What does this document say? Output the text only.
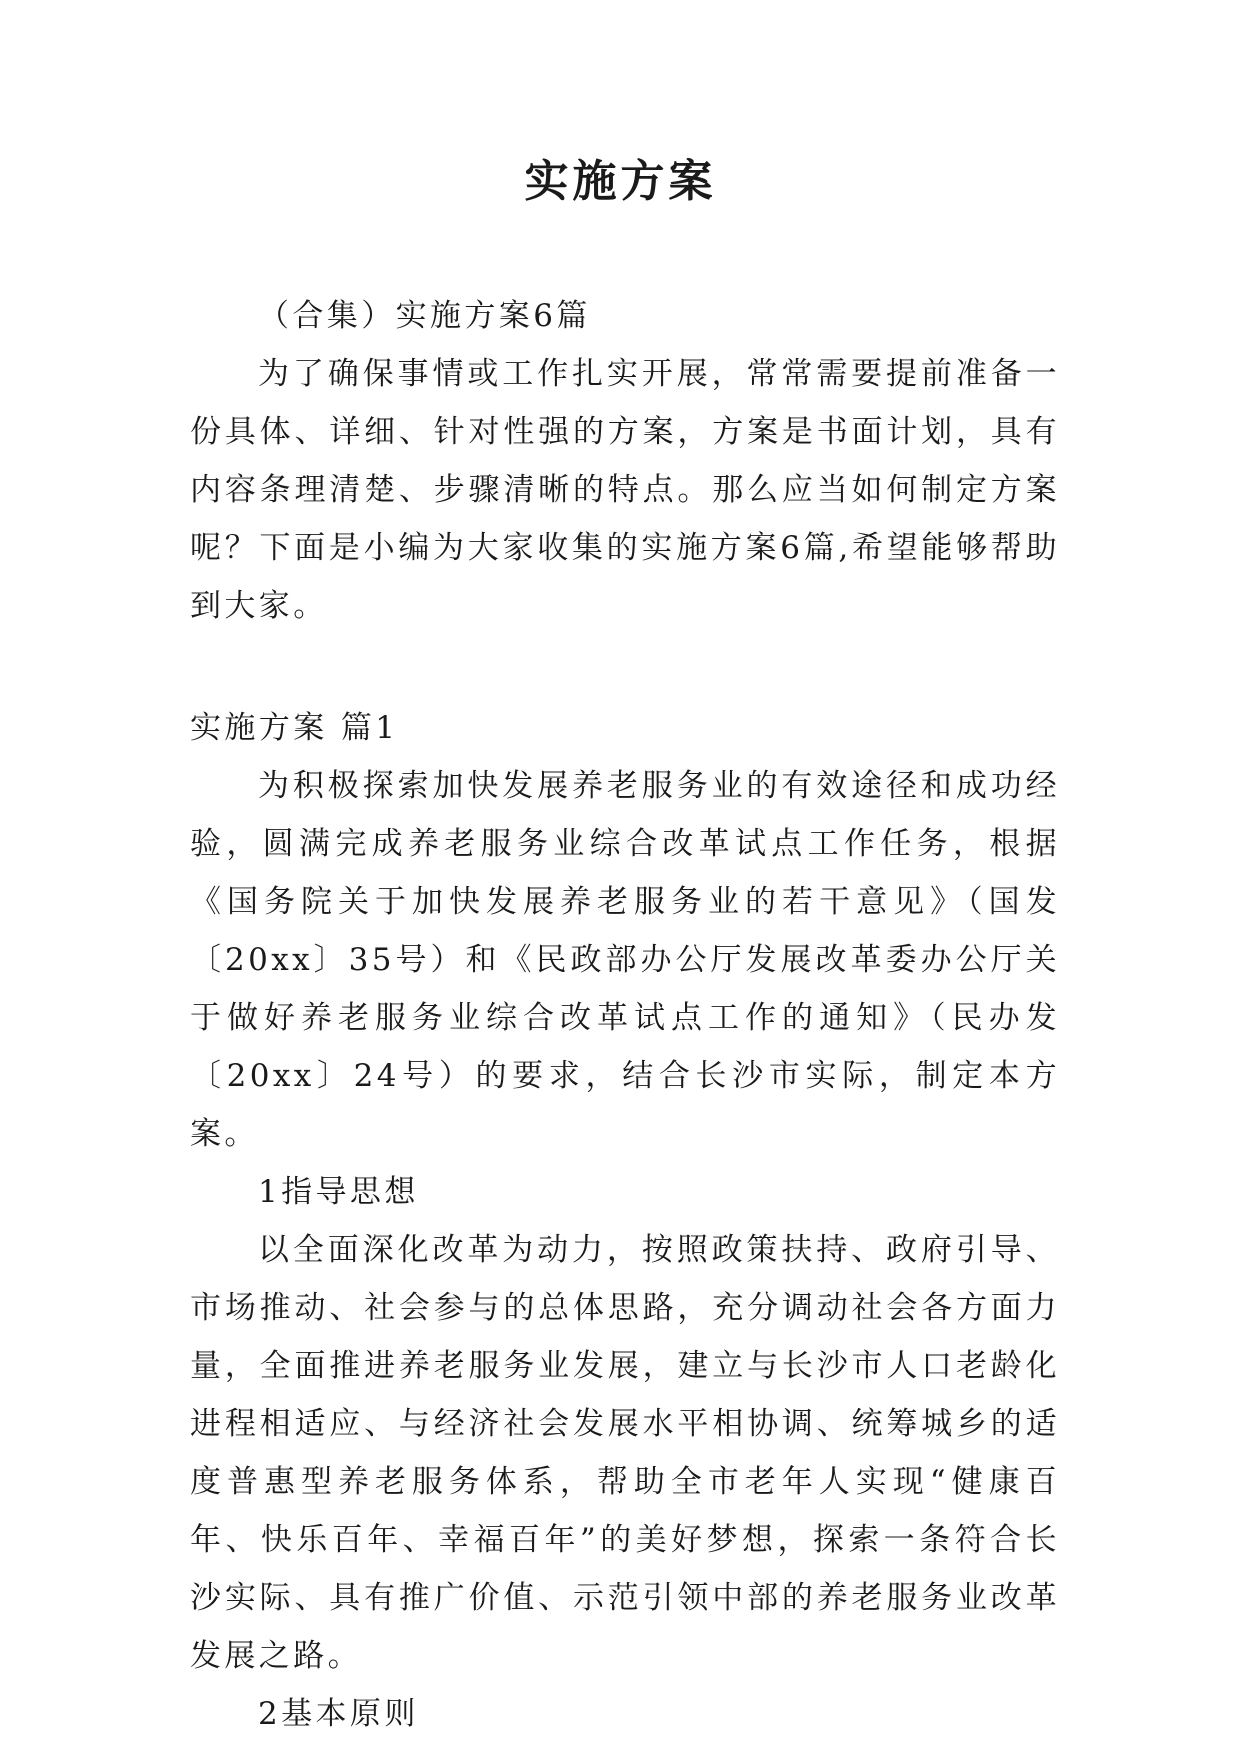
实施方案

（合集）实施方案6篇

为了确保事情或工作扎实开展，常常需要提前准备一份具体、详细、针对性强的方案，方案是书面计划，具有内容条理清楚、步骤清晰的特点。那么应当如何制定方案呢？下面是小编为大家收集的实施方案6篇,希望能够帮助到大家。

实施方案 篇1

为积极探索加快发展养老服务业的有效途径和成功经验，圆满完成养老服务业综合改革试点工作任务，根据《国务院关于加快发展养老服务业的若干意见》（国发〔20xx〕35号）和《民政部办公厅发展改革委办公厅关于做好养老服务业综合改革试点工作的通知》（民办发〔20xx〕24号）的要求，结合长沙市实际，制定本方案。

1指导思想

以全面深化改革为动力，按照政策扶持、政府引导、市场推动、社会参与的总体思路，充分调动社会各方面力量，全面推进养老服务业发展，建立与长沙市人口老龄化进程相适应、与经济社会发展水平相协调、统筹城乡的适度普惠型养老服务体系，帮助全市老年人实现“健康百年、快乐百年、幸福百年”的美好梦想，探索一条符合长沙实际、具有推广价值、示范引领中部的养老服务业改革发展之路。

2基本原则
